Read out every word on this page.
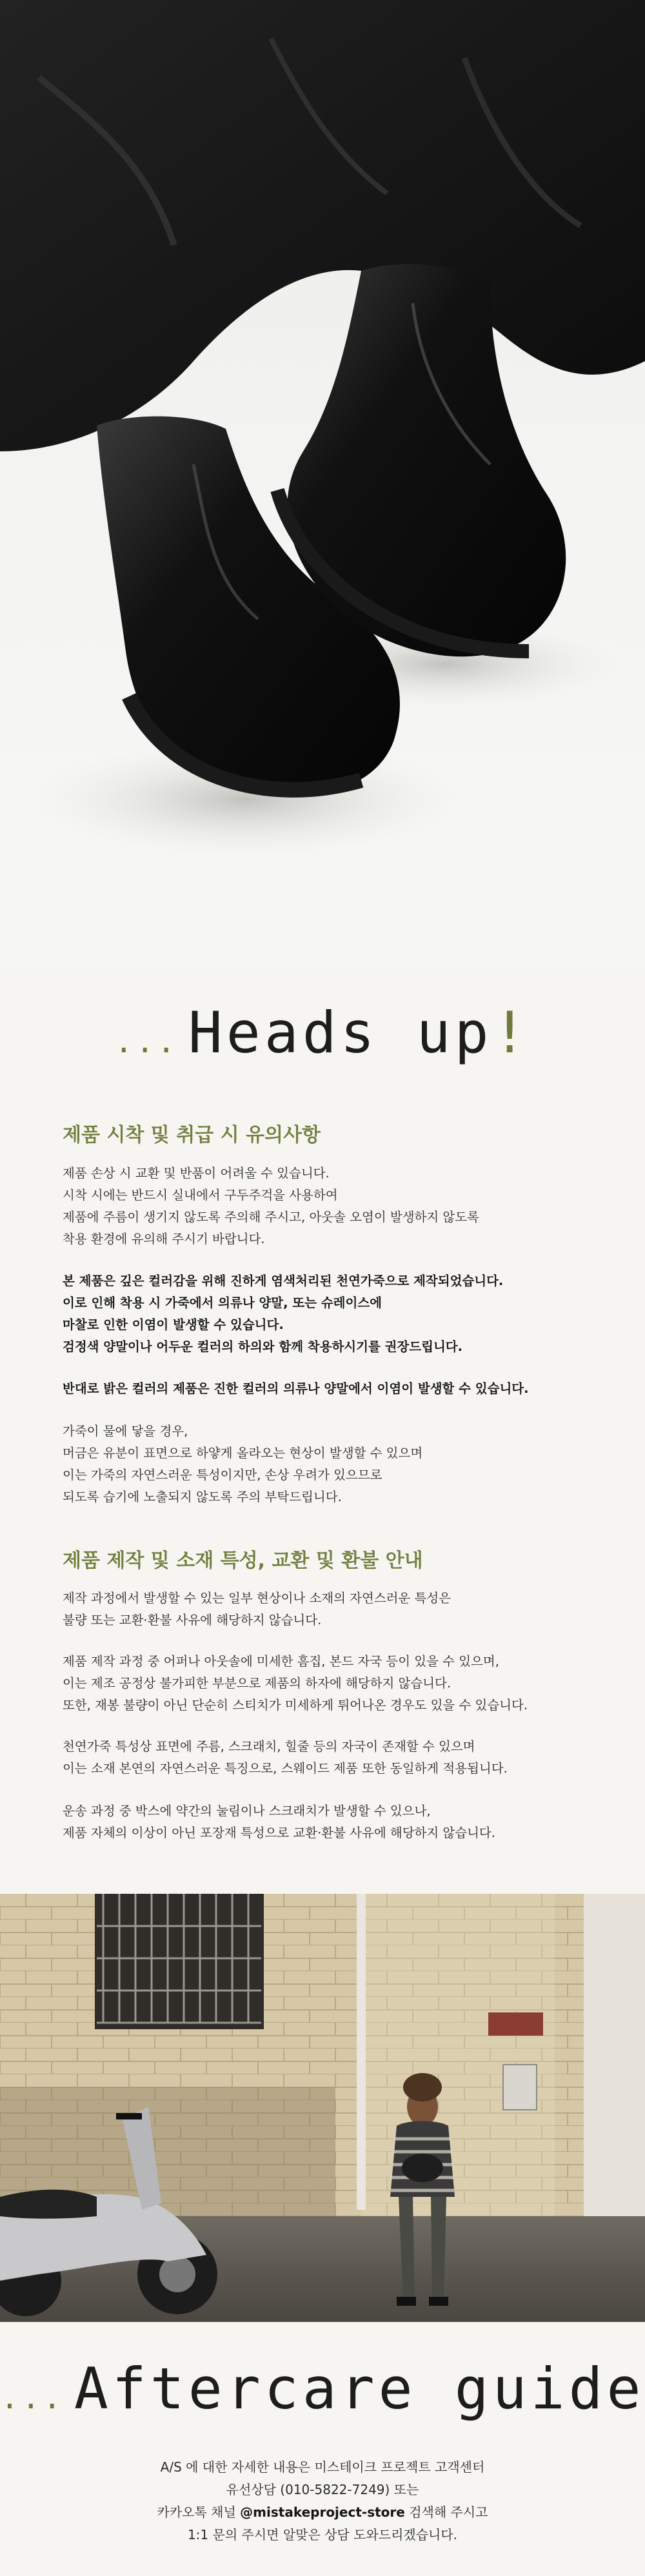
... Heads up!
제품 시착 및 취급 시 유의사항

제품 손상 시 교환 및 반품이 어려울 수 있습니다.

시착 시에는 반드시 실내에서 구두주걱을 사용하여

제품에 주름이 생기지 않도록 주의해 주시고, 아웃솔 오염이 발생하지 않도록

착용 환경에 유의해 주시기 바랍니다.

본 제품은 깊은 컬러감을 위해 진하게 염색처리된 천연가죽으로 제작되었습니다.

이로 인해 착용 시 가죽에서 의류나 양말, 또는 슈레이스에

마찰로 인한 이염이 발생할 수 있습니다.

검정색 양말이나 어두운 컬러의 하의와 함께 착용하시기를 권장드립니다.

반대로 밝은 컬러의 제품은 진한 컬러의 의류나 양말에서 이염이 발생할 수 있습니다.

가죽이 물에 닿을 경우,

머금은 유분이 표면으로 하얗게 올라오는 현상이 발생할 수 있으며

이는 가죽의 자연스러운 특성이지만, 손상 우려가 있으므로

되도록 습기에 노출되지 않도록 주의 부탁드립니다.

제품 제작 및 소재 특성, 교환 및 환불 안내

제작 과정에서 발생할 수 있는 일부 현상이나 소재의 자연스러운 특성은

불량 또는 교환·환불 사유에 해당하지 않습니다.

제품 제작 과정 중 어퍼나 아웃솔에 미세한 흠집, 본드 자국 등이 있을 수 있으며,

이는 제조 공정상 불가피한 부분으로 제품의 하자에 해당하지 않습니다.

또한, 재봉 불량이 아닌 단순히 스티치가 미세하게 튀어나온 경우도 있을 수 있습니다.

천연가죽 특성상 표면에 주름, 스크래치, 힐줄 등의 자국이 존재할 수 있으며

이는 소재 본연의 자연스러운 특징으로, 스웨이드 제품 또한 동일하게 적용됩니다.

운송 과정 중 박스에 약간의 눌림이나 스크래치가 발생할 수 있으나,

제품 자체의 이상이 아닌 포장재 특성으로 교환·환불 사유에 해당하지 않습니다.

... Aftercare guide

A/S 에 대한 자세한 내용은 미스테이크 프로젝트 고객센터

유선상담 (010-5822-7249) 또는

카카오톡 채널 @mistakeproject-store 검색해 주시고

1:1 문의 주시면 알맞은 상담 도와드리겠습니다.
